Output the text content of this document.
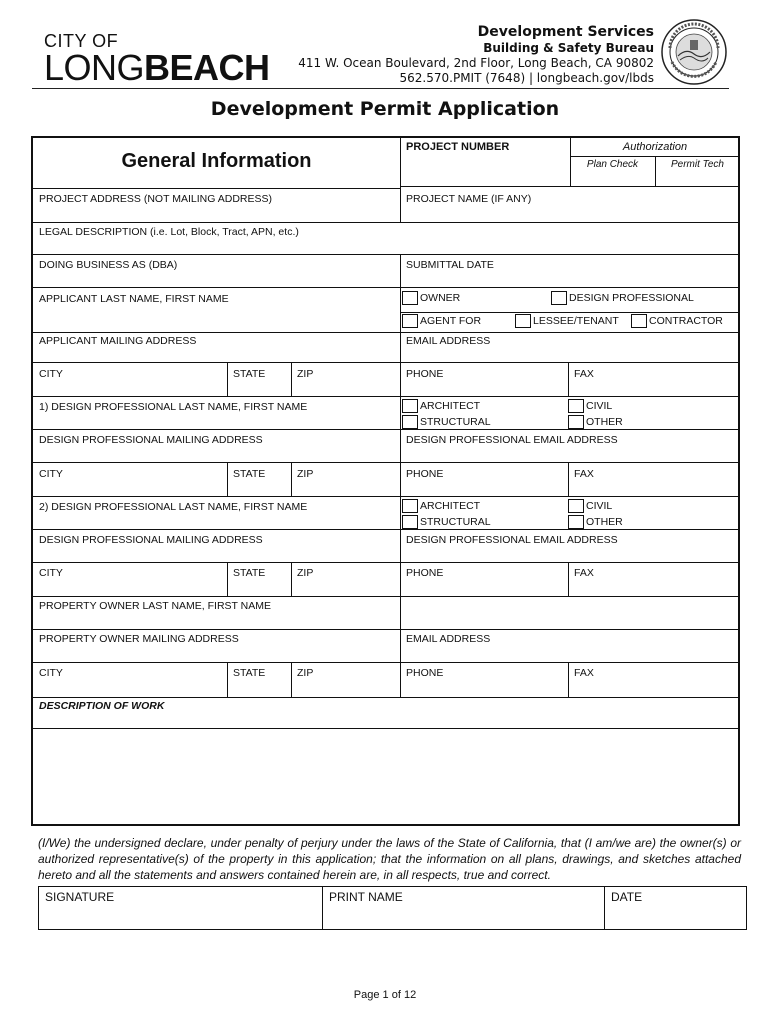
CITY OF
LONGBEACH
Development Services
Building & Safety Bureau
411 W. Ocean Boulevard, 2nd Floor, Long Beach, CA 90802
562.570.PMIT (7648) | longbeach.gov/lbds
Development Permit Application
General Information
PROJECT NUMBER	Authorization
Plan Check	Permit Tech
PROJECT ADDRESS (NOT MAILING ADDRESS)	PROJECT NAME (IF ANY)
LEGAL DESCRIPTION (i.e. Lot, Block, Tract, APN, etc.)
DOING BUSINESS AS (DBA)	SUBMITTAL DATE
APPLICANT LAST NAME, FIRST NAME	OWNER	DESIGN PROFESSIONAL
AGENT FOR	LESSEE/TENANT	CONTRACTOR
APPLICANT MAILING ADDRESS	EMAIL ADDRESS
CITY	STATE	ZIP	PHONE	FAX
1) DESIGN PROFESSIONAL LAST NAME, FIRST NAME	ARCHITECT	CIVIL
STRUCTURAL	OTHER
DESIGN PROFESSIONAL MAILING ADDRESS	DESIGN PROFESSIONAL EMAIL ADDRESS
CITY	STATE	ZIP	PHONE	FAX
2) DESIGN PROFESSIONAL LAST NAME, FIRST NAME	ARCHITECT	CIVIL
STRUCTURAL	OTHER
DESIGN PROFESSIONAL MAILING ADDRESS	DESIGN PROFESSIONAL EMAIL ADDRESS
CITY	STATE	ZIP	PHONE	FAX
PROPERTY OWNER LAST NAME, FIRST NAME
PROPERTY OWNER MAILING ADDRESS	EMAIL ADDRESS
CITY	STATE	ZIP	PHONE	FAX
DESCRIPTION OF WORK
(I/We) the undersigned declare, under penalty of perjury under the laws of the State of California, that (I am/we are) the owner(s) or authorized representative(s) of the property in this application; that the information on all plans, drawings, and sketches attached hereto and all the statements and answers contained herein are, in all respects, true and correct.
SIGNATURE	PRINT NAME	DATE
Page 1 of 12
